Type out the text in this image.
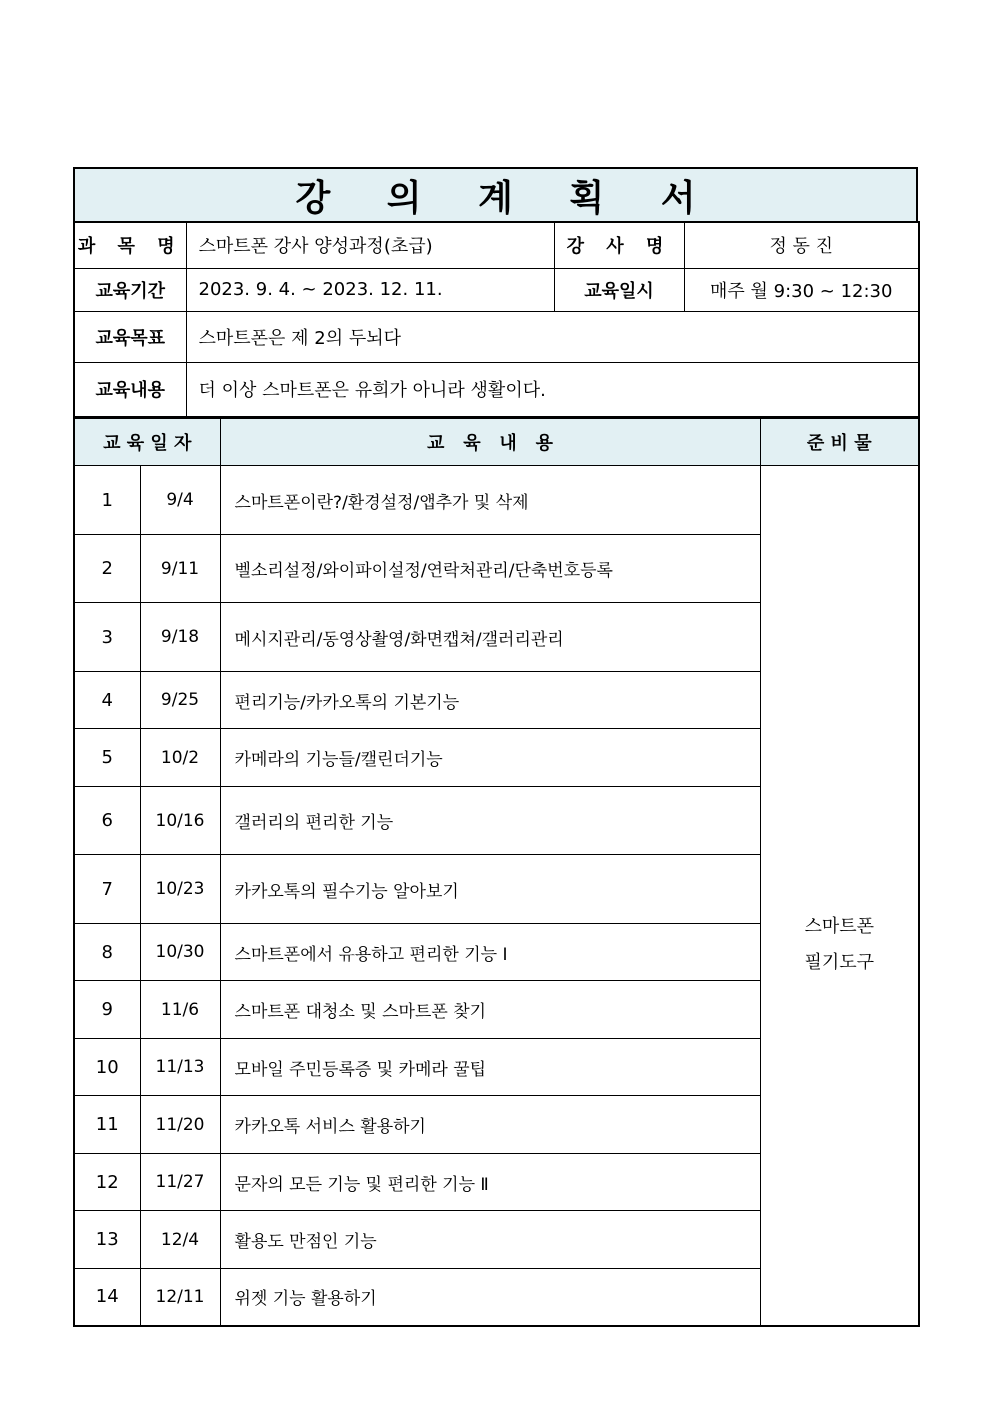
강 의 계 획 서
과 목 명	스마트폰 강사 양성과정(초급)	강 사 명	정 동 진
교육기간	2023. 9. 4. ~ 2023. 12. 11.	교육일시	매주 월 9:30 ~ 12:30
교육목표	스마트폰은 제 2의 두뇌다		
교육내용	더 이상 스마트폰은 유희가 아니라 생활이다.		
교 육 일 자		교   육   내   용	준 비 물
1	9/4	스마트폰이란?/환경설정/앱추가 및 삭제	스마트폰
필기도구

2	9/11	벨소리설정/와이파이설정/연락처관리/단축번호등록	
3	9/18	메시지관리/동영상촬영/화면캡쳐/갤러리관리	
4	9/25	편리기능/카카오톡의 기본기능	
5	10/2	카메라의 기능들/캘린더기능	
6	10/16	갤러리의 편리한 기능	
7	10/23	카카오톡의 필수기능 알아보기	
8	10/30	스마트폰에서 유용하고 편리한 기능 Ⅰ	
9	11/6	스마트폰 대청소 및 스마트폰 찾기	
10	11/13	모바일 주민등록증 및 카메라 꿀팁	
11	11/20	카카오톡 서비스 활용하기	
12	11/27	문자의 모든 기능 및 편리한 기능 Ⅱ	
13	12/4	활용도 만점인 기능	
14	12/11	위젯 기능 활용하기	
